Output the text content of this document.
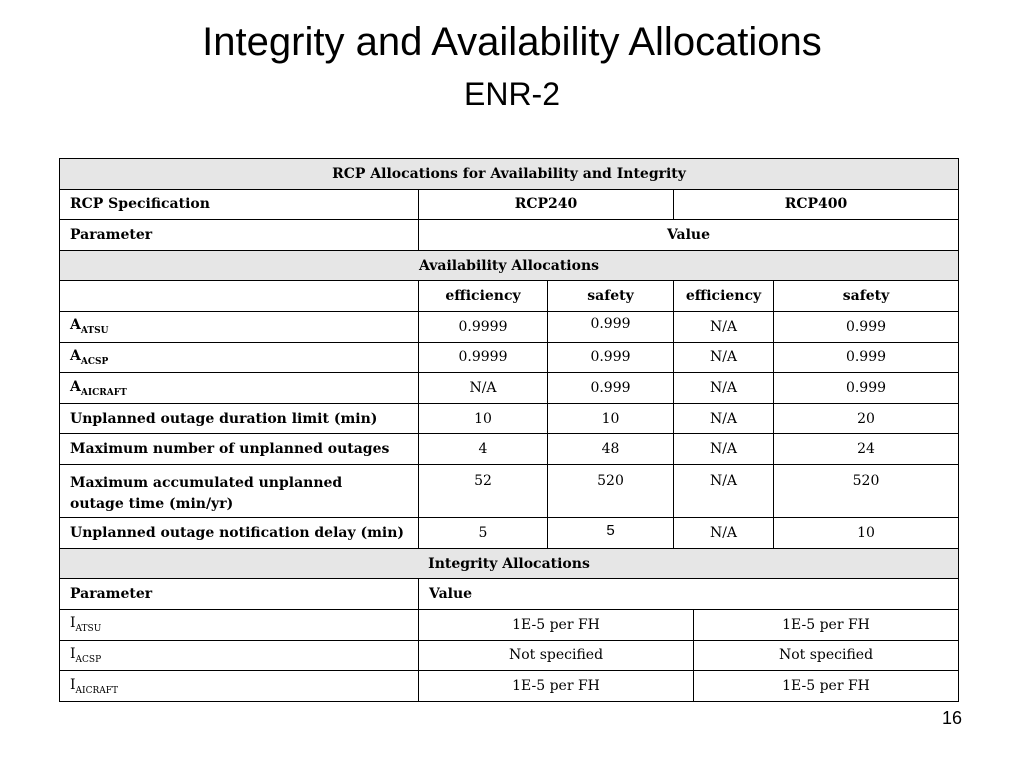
Integrity and Availability Allocations
ENR-2
RCP Allocations for Availability and Integrity					
RCP Specification	RCP240		RCP400		
Parameter	Value				
Availability Allocations					
	efficiency	safety	efficiency		safety
$A_{ATSU}$	0.9999	0.999	N/A		0.999
$A_{ACSP}$	0.9999	0.999	N/A		0.999
$A_{AICRAFT}$	N/A	0.999	N/A		0.999
Unplanned outage duration limit (min)	10	10	N/A		20
Maximum number of unplanned outages	4	48	N/A		24
Maximum accumulated unplanned outage time (min/yr)	52	520	N/A		520
Unplanned outage notification delay (min)	5	5	N/A		10
Integrity Allocations					
Parameter	Value				
$I_{ATSU}$	1E-5 per FH			1E-5 per FH	
$I_{ACSP}$	Not specified			Not specified	
$I_{AICRAFT}$	1E-5 per FH			1E-5 per FH	
16
